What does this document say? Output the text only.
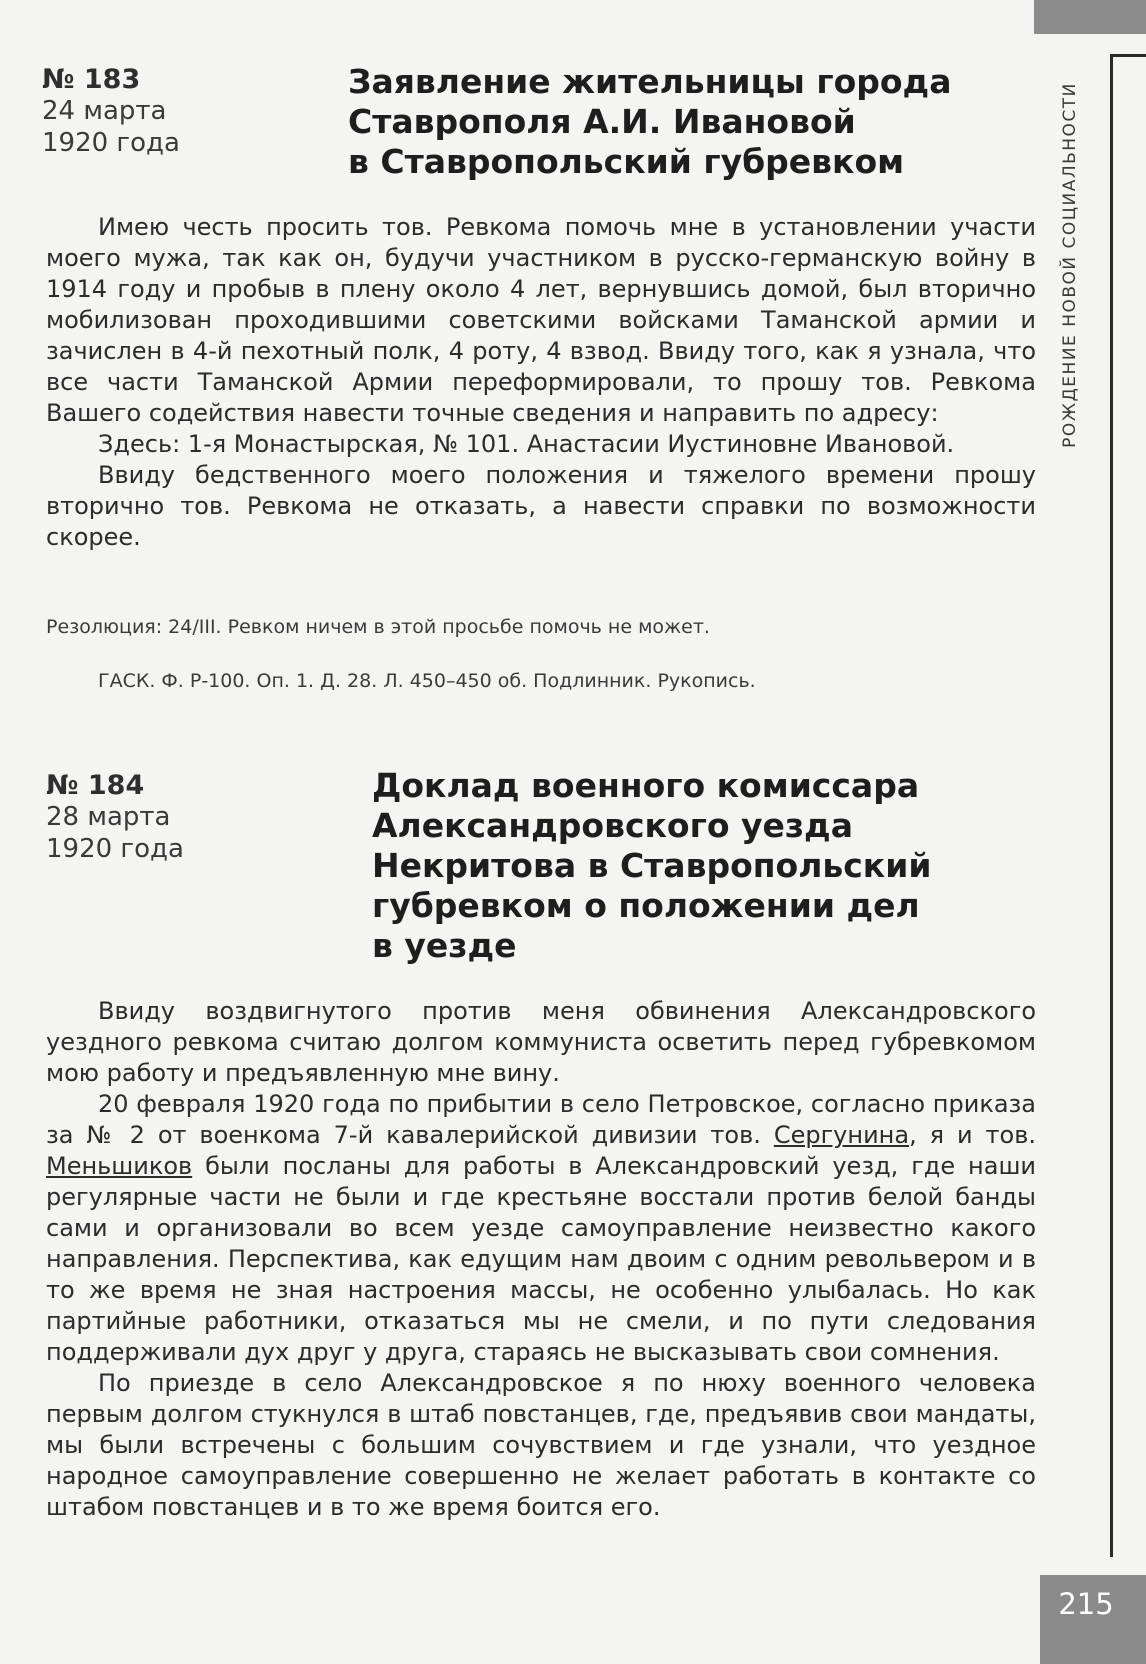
РОЖДЕНИЕ НОВОЙ СОЦИАЛЬНОСТИ
№ 183
24 марта
1920 года
Заявление жительницы города
Ставрополя А.И. Ивановой
в Ставропольский губревком

Имею честь просить тов. Ревкома помочь мне в установлении участи моего мужа, так как он, будучи участником в русско-германскую войну в 1914 году и пробыв в плену около 4 лет, вернувшись домой, был вторично мобилизован проходившими советскими войсками Таманской армии и зачислен в 4-й пехотный полк, 4 роту, 4 взвод. Ввиду того, как я узнала, что все части Таманской Армии переформировали, то прошу тов. Ревкома Вашего содействия навести точные сведения и направить по адресу:

Здесь: 1-я Монастырская, № 101. Анастасии Иустиновне Ивановой.

Ввиду бедственного моего положения и тяжелого времени прошу вторично тов. Ревкома не отказать, а навести справки по возможности скорее.

Резолюция: 24/III. Ревком ничем в этой просьбе помочь не может.
ГАСК. Ф. Р-100. Оп. 1. Д. 28. Л. 450–450 об. Подлинник. Рукопись.
№ 184
28 марта
1920 года
Доклад военного комиссара
Александровского уезда
Некритова в Ставропольский
губревком о положении дел
в уезде

Ввиду воздвигнутого против меня обвинения Александровского уездного ревкома считаю долгом коммуниста осветить перед губревкомом мою работу и предъявленную мне вину.

20 февраля 1920 года по прибытии в село Петровское, согласно приказа за № 2 от военкома 7-й кавалерийской дивизии тов. Сергунина, я и тов. Меньшиков были посланы для работы в Александровский уезд, где наши регулярные части не были и где крестьяне восстали против белой банды сами и организовали во всем уезде самоуправление неизвестно какого направления. Перспектива, как едущим нам двоим с одним револьвером и в то же время не зная настроения массы, не особенно улыбалась. Но как партийные работники, отказаться мы не смели, и по пути следования поддерживали дух друг у друга, стараясь не высказывать свои сомнения.

По приезде в село Александровское я по нюху военного человека первым долгом стукнулся в штаб повстанцев, где, предъявив свои мандаты, мы были встречены с большим сочувствием и где узнали, что уездное народное самоуправление совершенно не желает работать в контакте со штабом повстанцев и в то же время боится его.

215
